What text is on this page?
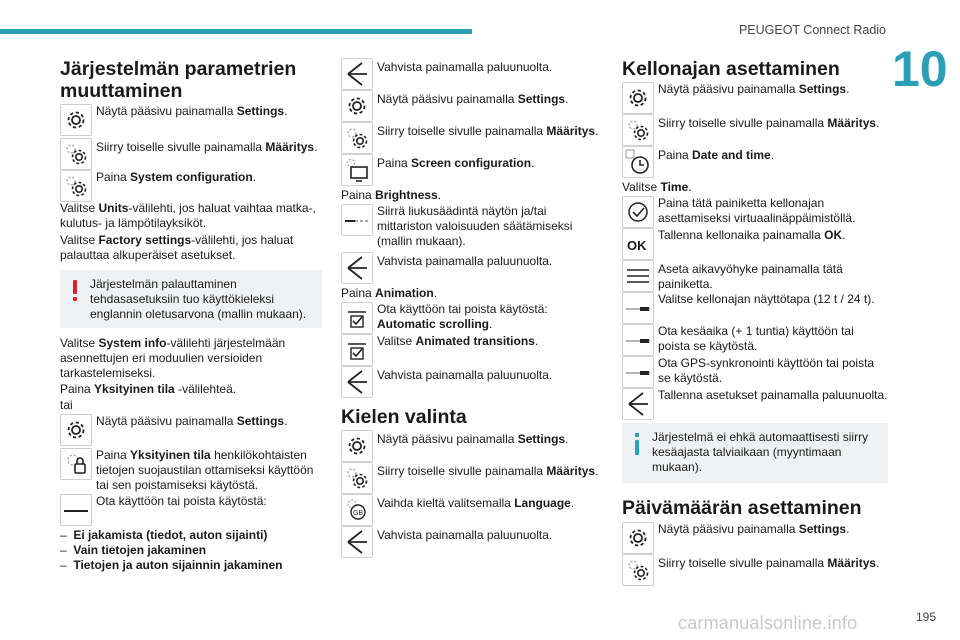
PEUGEOT Connect Radio
10
Järjestelmän parametrien muuttaminen
Näytä pääsivu painamalla Settings.
Siirry toiselle sivulle painamalla Määritys.
Paina System configuration.
Valitse Units-välilehti, jos haluat vaihtaa matka-, kulutus- ja lämpötilayksiköt.
Valitse Factory settings-välilehti, jos haluat palauttaa alkuperäiset asetukset.
Järjestelmän palauttaminen tehdasasetuksiin tuo käyttökieleksi englannin oletusarvona (mallin mukaan).
Valitse System info-välilehti järjestelmään asennettujen eri moduulien versioiden tarkastelemiseksi.
Paina Yksityinen tila -välilehteä.
tai
Näytä pääsivu painamalla Settings.
Paina Yksityinen tila henkilökohtaisten tietojen suojaustilan ottamiseksi käyttöön tai sen poistamiseksi käytöstä.
Ota käyttöön tai poista käytöstä:
– Ei jakamista (tiedot, auton sijainti)
– Vain tietojen jakaminen
– Tietojen ja auton sijainnin jakaminen
Vahvista painamalla paluunuolta.
Näytä pääsivu painamalla Settings.
Siirry toiselle sivulle painamalla Määritys.
Paina Screen configuration.
Paina Brightness.
Siirrä liukusäädintä näytön ja/tai mittariston valoisuuden säätämiseksi (mallin mukaan).
Vahvista painamalla paluunuolta.
Paina Animation.
Ota käyttöön tai poista käytöstä:
Automatic scrolling.
Valitse Animated transitions.
Vahvista painamalla paluunuolta.
Kielen valinta
Näytä pääsivu painamalla Settings.
Siirry toiselle sivulle painamalla Määritys.
GB
Vaihda kieltä valitsemalla Language.
Vahvista painamalla paluunuolta.
Kellonajan asettaminen
Näytä pääsivu painamalla Settings.
Siirry toiselle sivulle painamalla Määritys.
Paina Date and time.
Valitse Time.
Paina tätä painiketta kellonajan asettamiseksi virtuaalinäppäimistöllä.
OK
Tallenna kellonaika painamalla OK.
Aseta aikavyöhyke painamalla tätä painiketta.
Valitse kellonajan näyttötapa (12 t / 24 t).
Ota kesäaika (+ 1 tuntia) käyttöön tai poista se käytöstä.
Ota GPS-synkronointi käyttöön tai poista se käytöstä.
Tallenna asetukset painamalla paluunuolta.
Järjestelmä ei ehkä automaattisesti siirry kesäajasta talviaikaan (myyntimaan mukaan).
Päivämäärän asettaminen
Näytä pääsivu painamalla Settings.
Siirry toiselle sivulle painamalla Määritys.
carmanualsonline.info	195
